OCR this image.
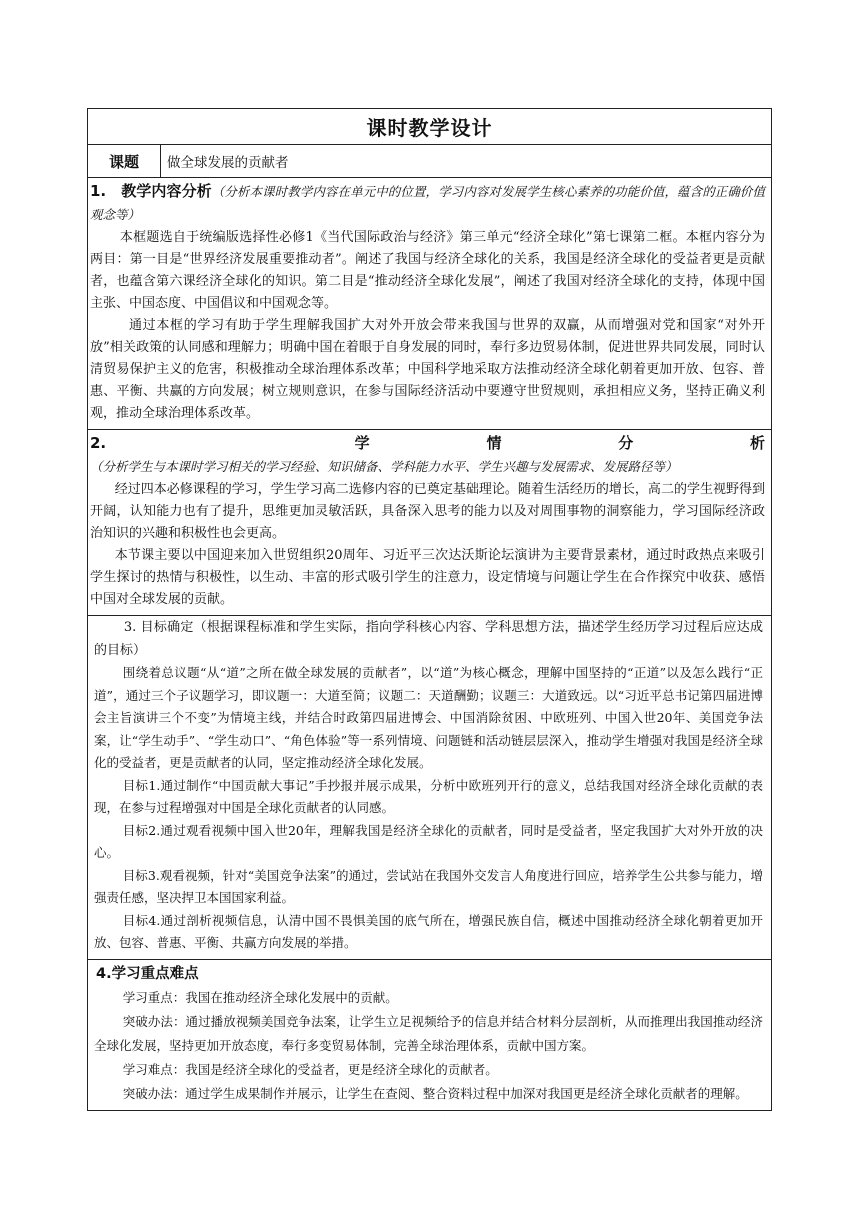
课时教学设计
课题	做全球发展的贡献者

1.　教学内容分析（分析本课时教学内容在单元中的位置，学习内容对发展学生核心素养的功能价值，蕴含的正确价值观念等）

本框题选自于统编版选择性必修1《当代国际政治与经济》第三单元“经济全球化”第七课第二框。本框内容分为两目：第一目是“世界经济发展重要推动者”。阐述了我国与经济全球化的关系，我国是经济全球化的受益者更是贡献者，也蕴含第六课经济全球化的知识。第二目是“推动经济全球化发展”，阐述了我国对经济全球化的支持，体现中国主张、中国态度、中国倡议和中国观念等。

通过本框的学习有助于学生理解我国扩大对外开放会带来我国与世界的双赢，从而增强对党和国家“对外开放”相关政策的认同感和理解力；明确中国在着眼于自身发展的同时，奉行多边贸易体制，促进世界共同发展，同时认清贸易保护主义的危害，积极推动全球治理体系改革；中国科学地采取方法推动经济全球化朝着更加开放、包容、普惠、平衡、共赢的方向发展；树立规则意识，在参与国际经济活动中要遵守世贸规则，承担相应义务，坚持正确义利观，推动全球治理体系改革。

2.　学情分析（分析学生与本课时学习相关的学习经验、知识储备、学科能力水平、学生兴趣与发展需求、发展路径等）

经过四本必修课程的学习，学生学习高二选修内容的已奠定基础理论。随着生活经历的增长，高二的学生视野得到开阔，认知能力也有了提升，思维更加灵敏活跃，具备深入思考的能力以及对周围事物的洞察能力，学习国际经济政治知识的兴趣和积极性也会更高。

本节课主要以中国迎来加入世贸组织20周年、习近平三次达沃斯论坛演讲为主要背景素材，通过时政热点来吸引学生探讨的热情与积极性，以生动、丰富的形式吸引学生的注意力，设定情境与问题让学生在合作探究中收获、感悟中国对全球发展的贡献。

3. 目标确定（根据课程标准和学生实际，指向学科核心内容、学科思想方法，描述学生经历学习过程后应达成的目标）

围绕着总议题“从“道”之所在做全球发展的贡献者”，以“道”为核心概念，理解中国坚持的“正道”以及怎么践行“正道”，通过三个子议题学习，即议题一：大道至简；议题二：天道酬勤；议题三：大道致远。以“习近平总书记第四届进博会主旨演讲三个不变”为情境主线，并结合时政第四届进博会、中国消除贫困、中欧班列、中国入世20年、美国竞争法案，让“学生动手”、“学生动口”、“角色体验”等一系列情境、问题链和活动链层层深入，推动学生增强对我国是经济全球化的受益者，更是贡献者的认同，坚定推动经济全球化发展。

目标1.通过制作“中国贡献大事记”手抄报并展示成果，分析中欧班列开行的意义，总结我国对经济全球化贡献的表现，在参与过程增强对中国是全球化贡献者的认同感。

目标2.通过观看视频中国入世20年，理解我国是经济全球化的贡献者，同时是受益者，坚定我国扩大对外开放的决心。

目标3.观看视频，针对“美国竞争法案”的通过，尝试站在我国外交发言人角度进行回应，培养学生公共参与能力，增强责任感，坚决捍卫本国国家利益。

目标4.通过剖析视频信息，认清中国不畏惧美国的底气所在，增强民族自信，概述中国推动经济全球化朝着更加开放、包容、普惠、平衡、共赢方向发展的举措。

4.学习重点难点

学习重点：我国在推动经济全球化发展中的贡献。

突破办法：通过播放视频美国竞争法案，让学生立足视频给予的信息并结合材料分层剖析，从而推理出我国推动经济全球化发展，坚持更加开放态度，奉行多变贸易体制，完善全球治理体系，贡献中国方案。

学习难点：我国是经济全球化的受益者，更是经济全球化的贡献者。

突破办法：通过学生成果制作并展示，让学生在查阅、整合资料过程中加深对我国更是经济全球化贡献者的理解。
